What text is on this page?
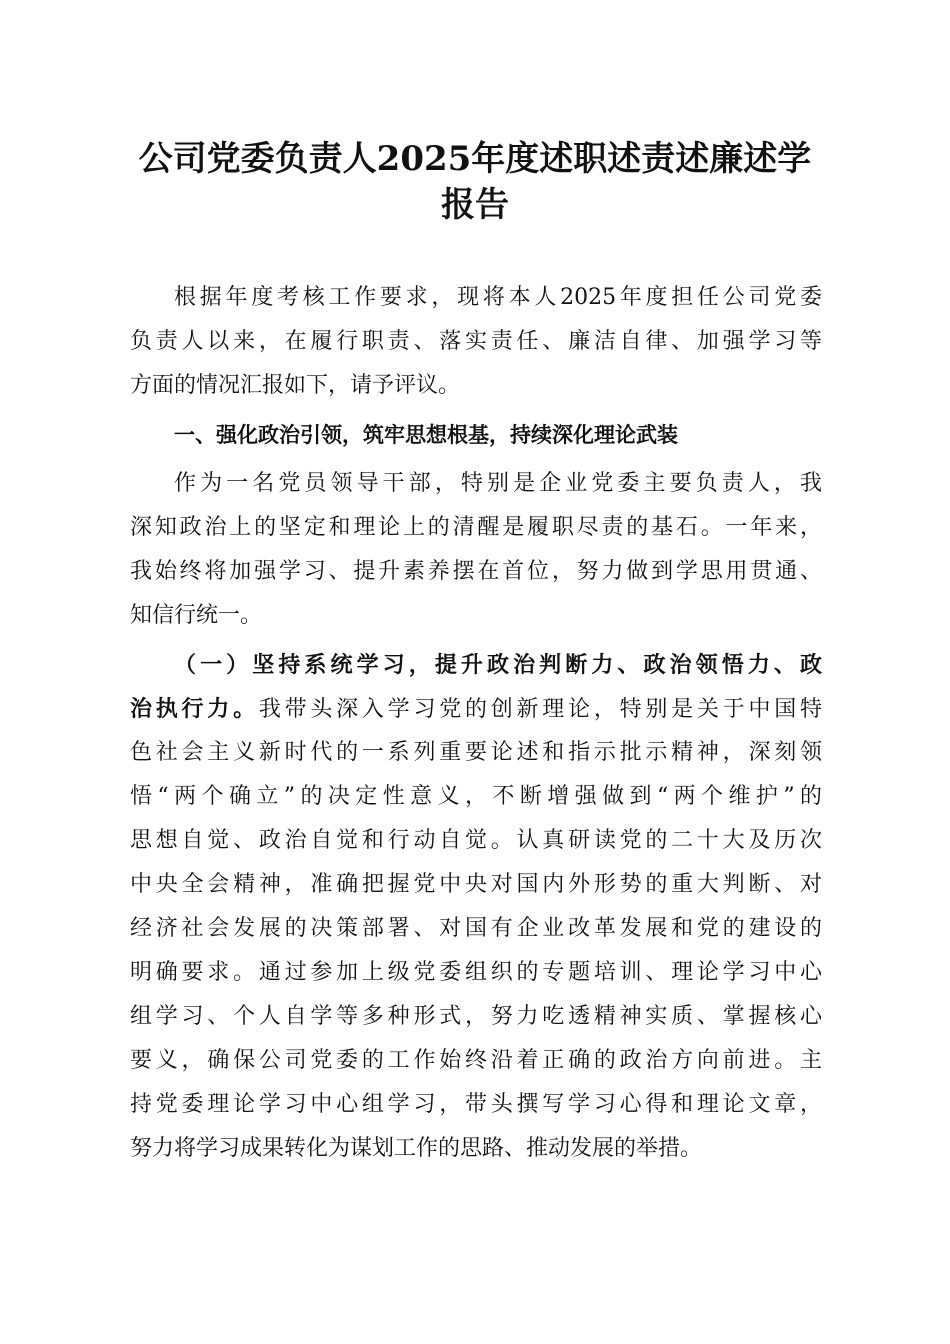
公司党委负责人2025年度述职述责述廉述学
报告
根据年度考核工作要求，现将本人2025年度担任公司党委
负责人以来，在履行职责、落实责任、廉洁自律、加强学习等
方面的情况汇报如下，请予评议。
一、强化政治引领，筑牢思想根基，持续深化理论武装
作为一名党员领导干部，特别是企业党委主要负责人，我
深知政治上的坚定和理论上的清醒是履职尽责的基石。一年来，
我始终将加强学习、提升素养摆在首位，努力做到学思用贯通、
知信行统一。
（一）坚持系统学习，提升政治判断力、政治领悟力、政
治执行力。我带头深入学习党的创新理论，特别是关于中国特
色社会主义新时代的一系列重要论述和指示批示精神，深刻领
悟“两个确立”的决定性意义，不断增强做到“两个维护”的
思想自觉、政治自觉和行动自觉。认真研读党的二十大及历次
中央全会精神，准确把握党中央对国内外形势的重大判断、对
经济社会发展的决策部署、对国有企业改革发展和党的建设的
明确要求。通过参加上级党委组织的专题培训、理论学习中心
组学习、个人自学等多种形式，努力吃透精神实质、掌握核心
要义，确保公司党委的工作始终沿着正确的政治方向前进。主
持党委理论学习中心组学习，带头撰写学习心得和理论文章，
努力将学习成果转化为谋划工作的思路、推动发展的举措。
